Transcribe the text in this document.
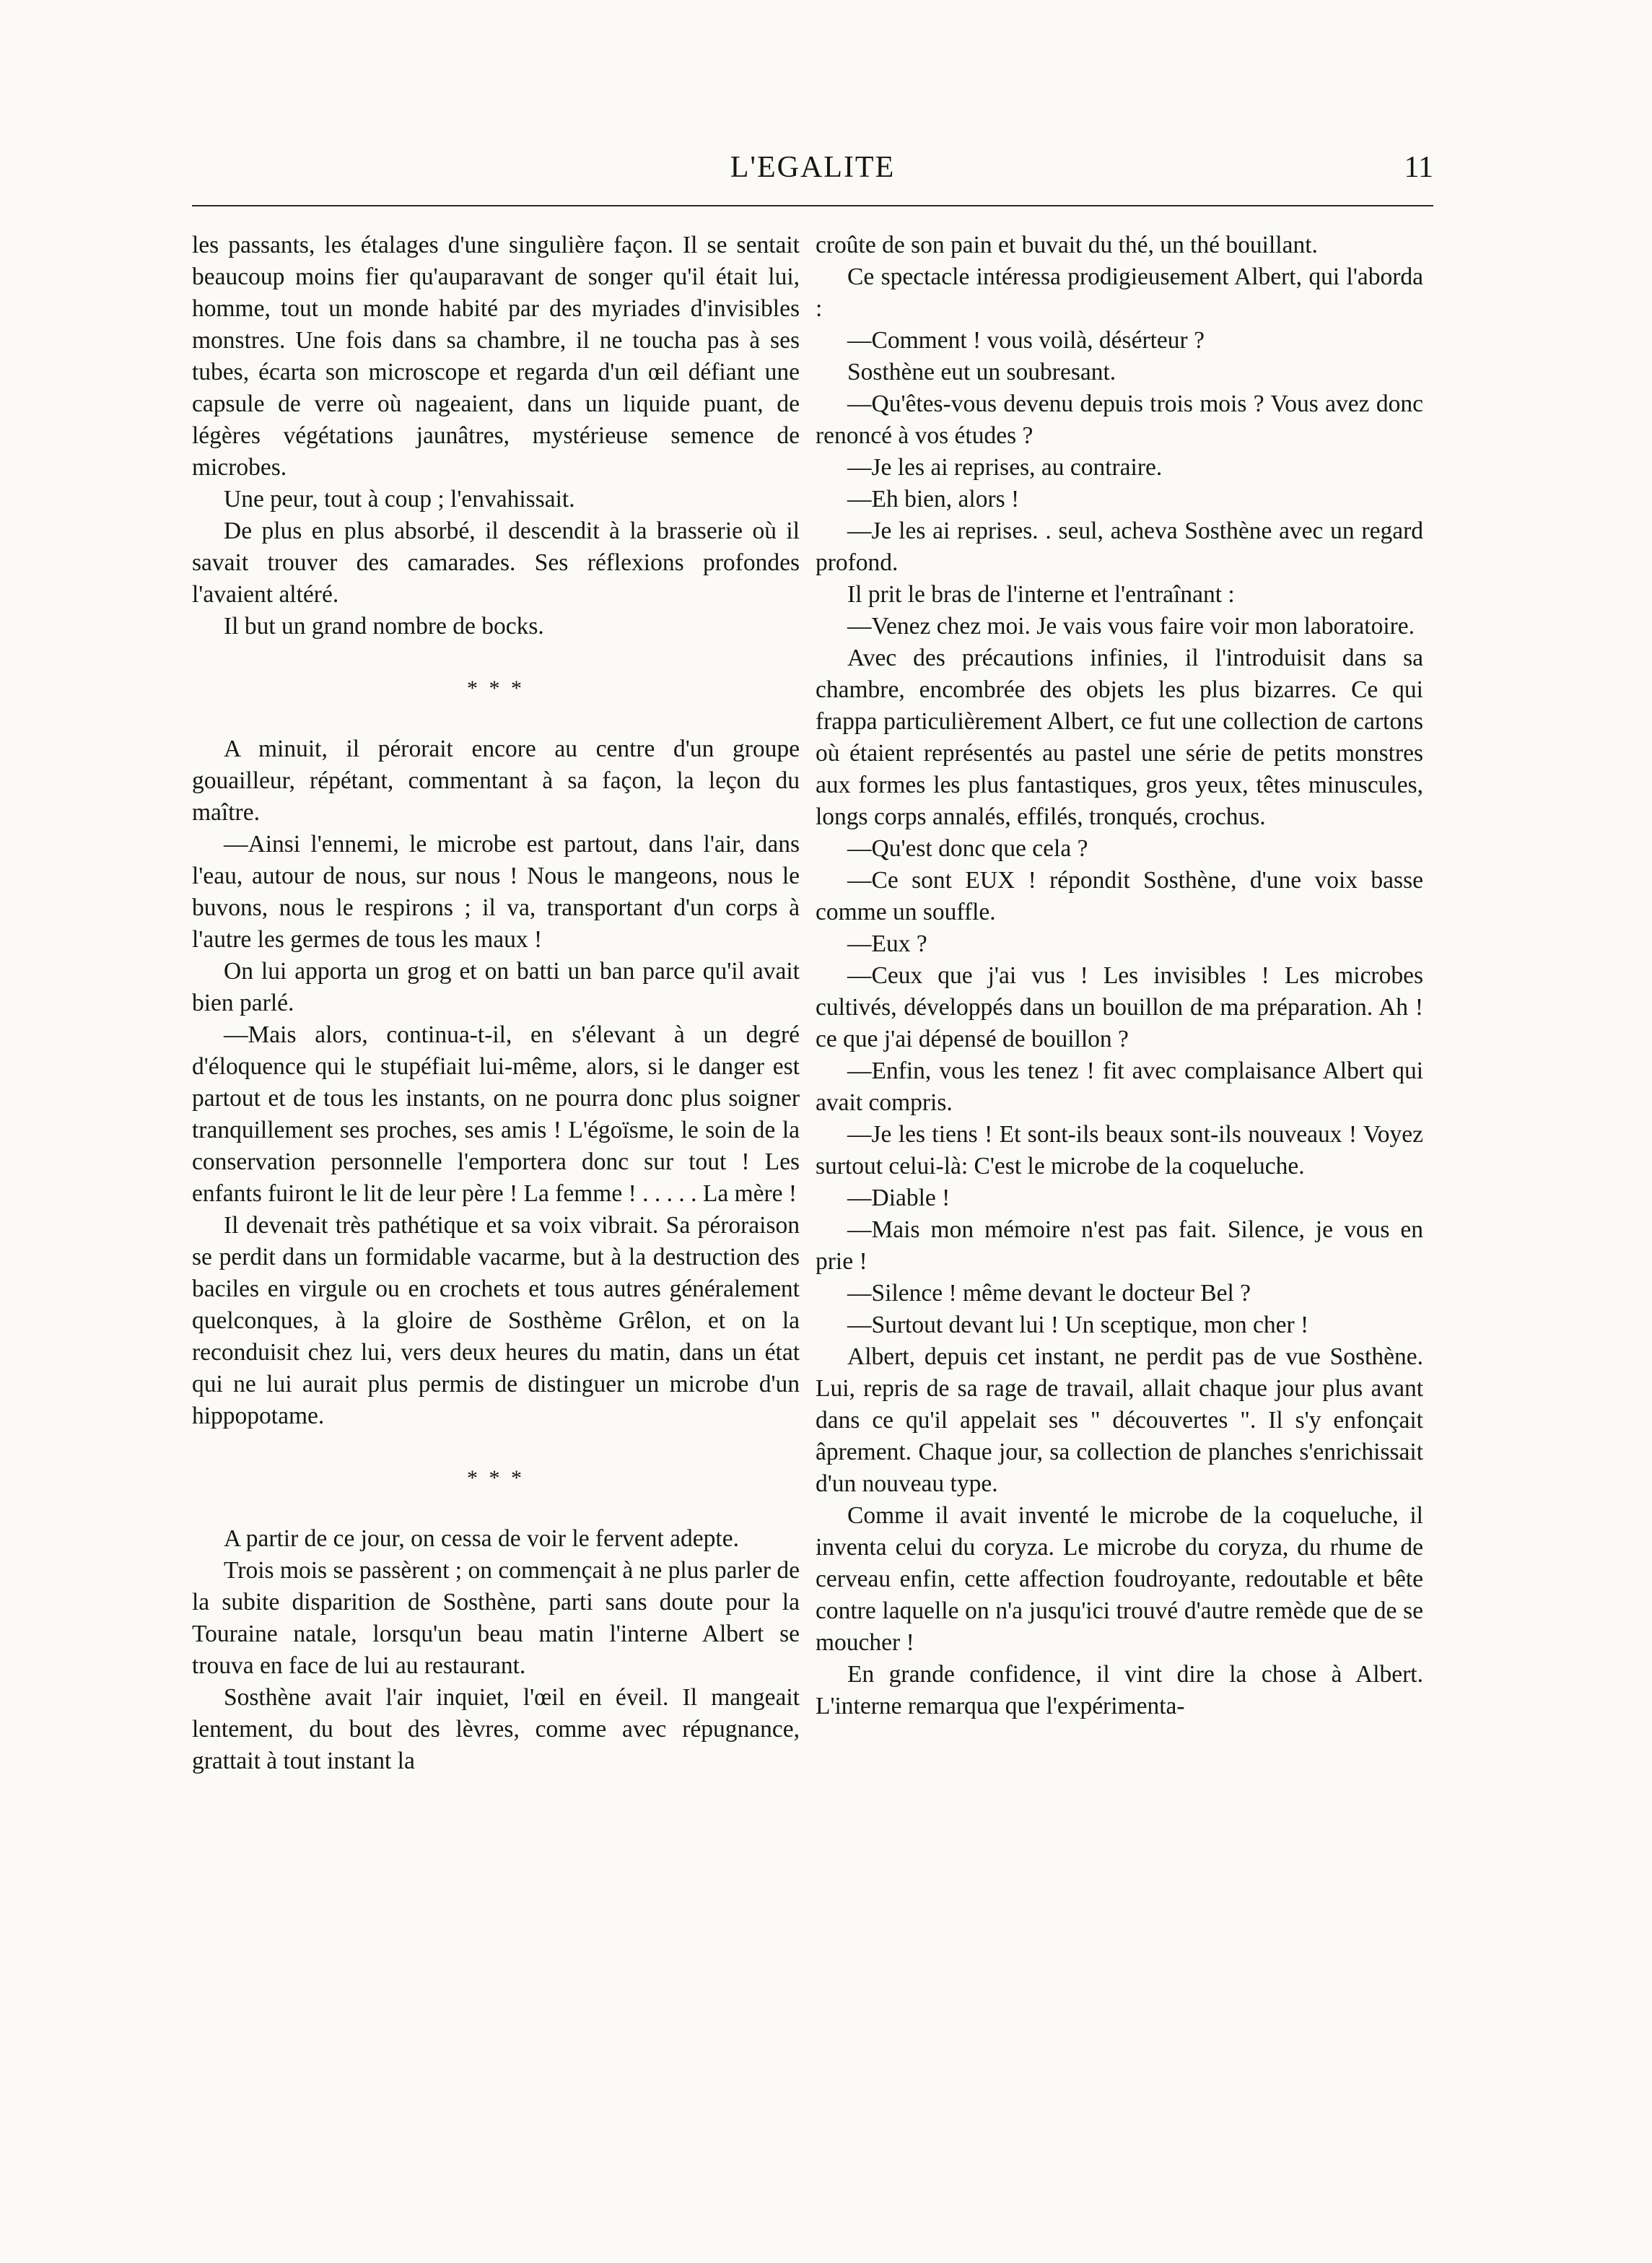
L'EGALITE	11

les passants, les étalages d'une singulière façon. Il se sentait beaucoup moins fier qu'auparavant de songer qu'il était lui, homme, tout un monde habité par des myriades d'invisibles monstres. Une fois dans sa chambre, il ne toucha pas à ses tubes, écarta son microscope et regarda d'un œil défiant une capsule de verre où nageaient, dans un liquide puant, de légères végétations jaunâtres, mystérieuse semence de microbes.

Une peur, tout à coup ; l'envahissait.

De plus en plus absorbé, il descendit à la brasserie où il savait trouver des camarades. Ses réflexions profondes l'avaient altéré.

Il but un grand nombre de bocks.

* * *

A minuit, il pérorait encore au centre d'un groupe gouailleur, répétant, commentant à sa façon, la leçon du maître.

—Ainsi l'ennemi, le microbe est partout, dans l'air, dans l'eau, autour de nous, sur nous ! Nous le mangeons, nous le buvons, nous le respirons ; il va, transportant d'un corps à l'autre les germes de tous les maux !

On lui apporta un grog et on batti un ban parce qu'il avait bien parlé.

—Mais alors, continua-t-il, en s'élevant à un degré d'éloquence qui le stupéfiait lui-même, alors, si le danger est partout et de tous les instants, on ne pourra donc plus soigner tranquillement ses proches, ses amis ! L'égoïsme, le soin de la conservation personnelle l'emportera donc sur tout ! Les enfants fuiront le lit de leur père ! La femme ! . . . . . La mère !

Il devenait très pathétique et sa voix vibrait. Sa péroraison se perdit dans un formidable vacarme, but à la destruction des baciles en virgule ou en crochets et tous autres généralement quelconques, à la gloire de Sosthème Grêlon, et on la reconduisit chez lui, vers deux heures du matin, dans un état qui ne lui aurait plus permis de distinguer un microbe d'un hippopotame.

* * *

A partir de ce jour, on cessa de voir le fervent adepte.

Trois mois se passèrent ; on commençait à ne plus parler de la subite disparition de Sosthène, parti sans doute pour la Touraine natale, lorsqu'un beau matin l'interne Albert se trouva en face de lui au restaurant.

Sosthène avait l'air inquiet, l'œil en éveil. Il mangeait lentement, du bout des lèvres, comme avec répugnance, grattait à tout instant la

croûte de son pain et buvait du thé, un thé bouillant.

Ce spectacle intéressa prodigieusement Albert, qui l'aborda :

—Comment ! vous voilà, désérteur ?

Sosthène eut un soubresant.

—Qu'êtes-vous devenu depuis trois mois ? Vous avez donc renoncé à vos études ?

—Je les ai reprises, au contraire.

—Eh bien, alors !

—Je les ai reprises. . seul, acheva Sosthène avec un regard profond.

Il prit le bras de l'interne et l'entraînant :

—Venez chez moi. Je vais vous faire voir mon laboratoire.

Avec des précautions infinies, il l'introduisit dans sa chambre, encombrée des objets les plus bizarres. Ce qui frappa particulièrement Albert, ce fut une collection de cartons où étaient représentés au pastel une série de petits monstres aux formes les plus fantastiques, gros yeux, têtes minuscules, longs corps annalés, effilés, tronqués, crochus.

—Qu'est donc que cela ?

—Ce sont EUX ! répondit Sosthène, d'une voix basse comme un souffle.

—Eux ?

—Ceux que j'ai vus ! Les invisibles ! Les microbes cultivés, développés dans un bouillon de ma préparation. Ah ! ce que j'ai dépensé de bouillon ?

—Enfin, vous les tenez ! fit avec complaisance Albert qui avait compris.

—Je les tiens ! Et sont-ils beaux sont-ils nouveaux ! Voyez surtout celui-là: C'est le microbe de la coqueluche.

—Diable !

—Mais mon mémoire n'est pas fait. Silence, je vous en prie !

—Silence ! même devant le docteur Bel ?

—Surtout devant lui ! Un sceptique, mon cher !

Albert, depuis cet instant, ne perdit pas de vue Sosthène. Lui, repris de sa rage de travail, allait chaque jour plus avant dans ce qu'il appelait ses " découvertes ". Il s'y enfonçait âprement. Chaque jour, sa collection de planches s'enrichissait d'un nouveau type.

Comme il avait inventé le microbe de la coqueluche, il inventa celui du coryza. Le microbe du coryza, du rhume de cerveau enfin, cette affection foudroyante, redoutable et bête contre laquelle on n'a jusqu'ici trouvé d'autre remède que de se moucher !

En grande confidence, il vint dire la chose à Albert. L'interne remarqua que l'expérimenta-
